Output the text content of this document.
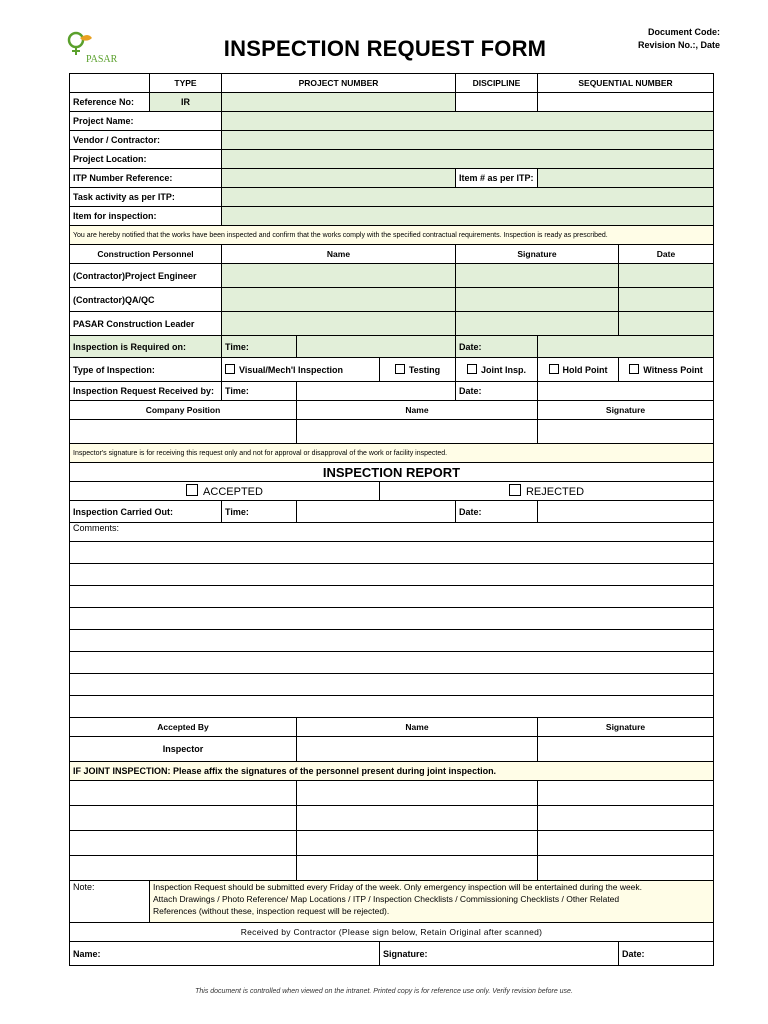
PASAR	INSPECTION REQUEST FORM
Document Code:
Revision No.:, Date
	TYPE	PROJECT NUMBER			DISCIPLINE	SEQUENTIAL NUMBER	
Reference No:	IR							
Project Name:								
Vendor / Contractor:								
Project Location:								
ITP Number Reference:					Item # as per ITP:			
Task activity as per ITP:								
Item for inspection:								
You are hereby notified that the works have been inspected and confirm that the works comply with the specified contractual requirements. Inspection is ready as prescribed.								
Construction Personnel		Name			Signature		Date	
(Contractor)Project Engineer								
(Contractor)QA/QC								
PASAR Construction Leader								
Inspection is Required on:		Time:			Date:			
Type of Inspection:		Visual/Mech'l Inspection		Testing	Joint Insp.	Hold Point	Witness Point	
Inspection Request Received by:		Time:			Date:			
Company Position			Name			Signature		

Inspector's signature is for receiving this request only and not for approval or disapproval of the work or facility inspected.								
INSPECTION REPORT								
ACCEPTED				REJECTED				
Inspection Carried Out:		Time:			Date:			
Comments:								

Accepted By			Name			Signature		
Inspector								
IF JOINT INSPECTION: Please affix the signatures of the personnel present during joint inspection.								

Note:	Inspection Request should be submitted every Friday of the week. Only emergency inspection will be entertained during the week.
Attach Drawings / Photo Reference/ Map Locations / ITP / Inspection Checklists / Commissioning Checklists / Other Related
References (without these, inspection request will be rejected).							

Received by Contractor (Please sign below, Retain Original after scanned)								
Name:				Signature:			Date:	
This document is controlled when viewed on the intranet. Printed copy is for reference use only. Verify revision before use.
